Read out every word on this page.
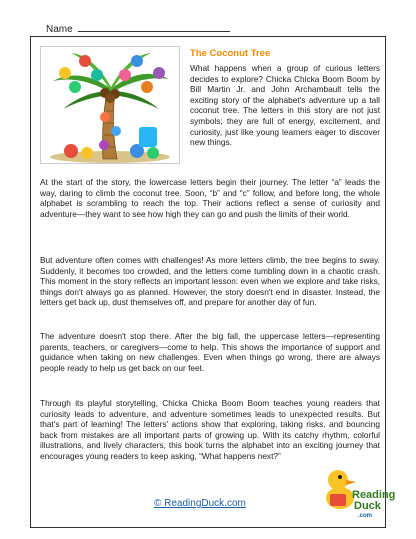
Name
The Coconut Tree

What happens when a group of curious letters decides to explore? Chicka Chicka Boom Boom by Bill Martin Jr. and John Archambault tells the exciting story of the alphabet's adventure up a tall coconut tree. The letters in this story are not just symbols; they are full of energy, excitement, and curiosity, just like young learners eager to discover new things.

At the start of the story, the lowercase letters begin their journey. The letter “a” leads the way, daring to climb the coconut tree. Soon, “b” and “c” follow, and before long, the whole alphabet is scrambling to reach the top. Their actions reflect a sense of curiosity and adventure—they want to see how high they can go and push the limits of their world.

But adventure often comes with challenges! As more letters climb, the tree begins to sway. Suddenly, it becomes too crowded, and the letters come tumbling down in a chaotic crash. This moment in the story reflects an important lesson: even when we explore and take risks, things don't always go as planned. However, the story doesn't end in disaster. Instead, the letters get back up, dust themselves off, and prepare for another day of fun.

The adventure doesn't stop there. After the big fall, the uppercase letters—representing parents, teachers, or caregivers—come to help. This shows the importance of support and guidance when taking on new challenges. Even when things go wrong, there are always people ready to help us get back on our feet.

Through its playful storytelling, Chicka Chicka Boom Boom teaches young readers that curiosity leads to adventure, and adventure sometimes leads to unexpected results. But that's part of learning! The letters' actions show that exploring, taking risks, and bouncing back from mistakes are all important parts of growing up. With its catchy rhythm, colorful illustrations, and lively characters, this book turns the alphabet into an exciting journey that encourages young readers to keep asking, “What happens next?”

© ReadingDuck.com
Reading
Duck
.com
